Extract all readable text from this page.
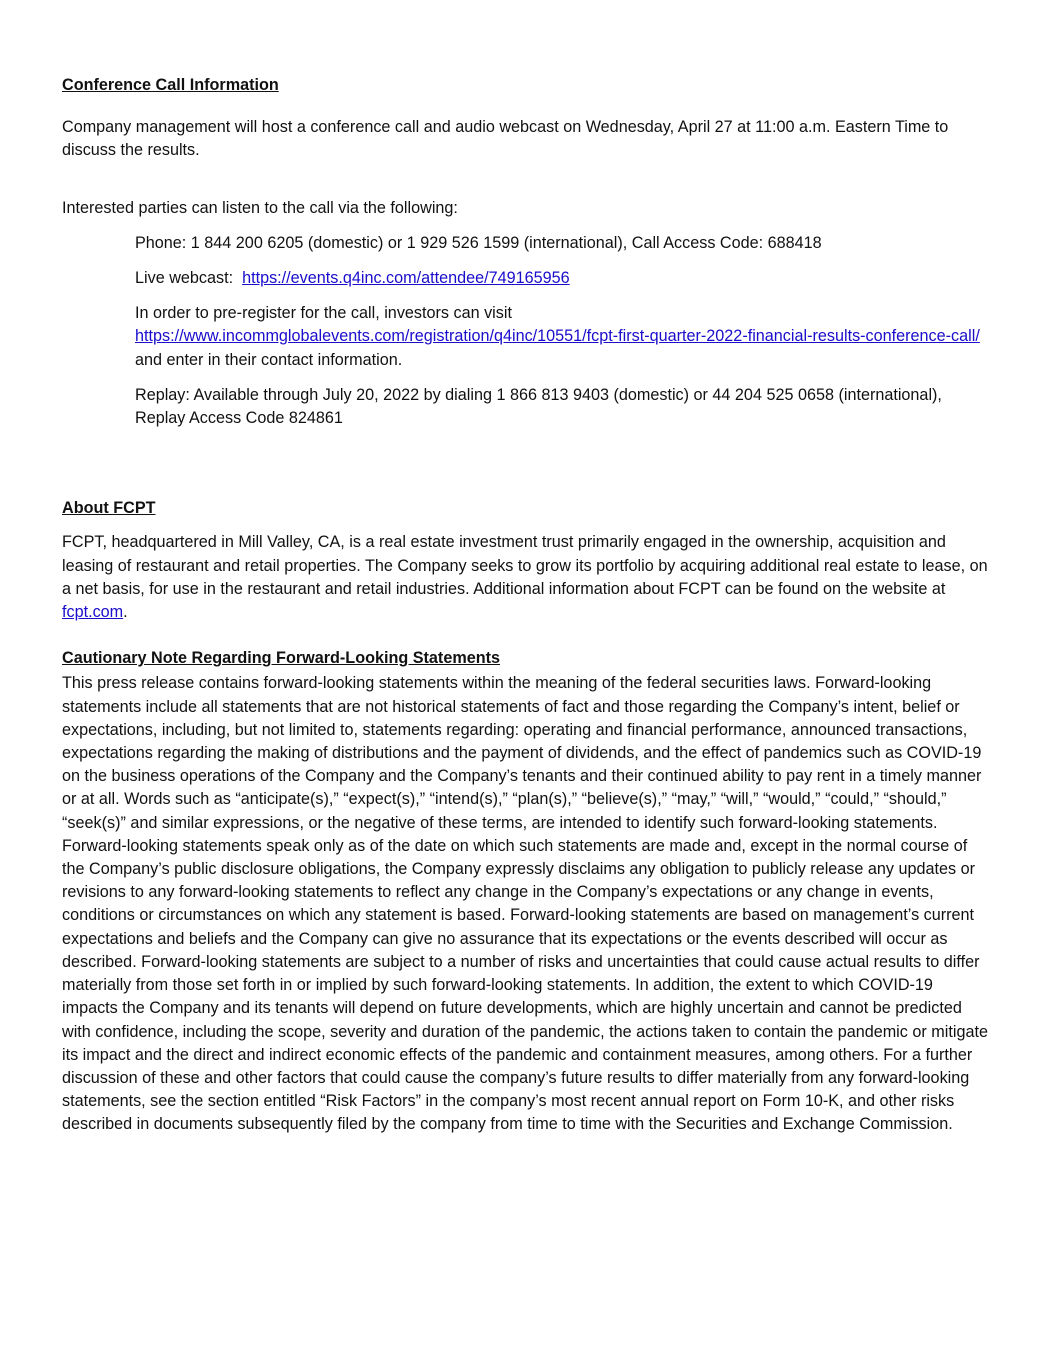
Conference Call Information

Company management will host a conference call and audio webcast on Wednesday, April 27 at 11:00 a.m. Eastern Time to discuss the results.

Interested parties can listen to the call via the following:

Phone: 1 844 200 6205 (domestic) or 1 929 526 1599 (international), Call Access Code: 688418

Live webcast: https://events.q4inc.com/attendee/749165956

In order to pre-register for the call, investors can visit
https://www.incommglobalevents.com/registration/q4inc/10551/fcpt-first-quarter-2022-financial-results-conference-call/ and enter in their contact information.

Replay: Available through July 20, 2022 by dialing 1 866 813 9403 (domestic) or 44 204 525 0658 (international), Replay Access Code 824861

About FCPT

FCPT, headquartered in Mill Valley, CA, is a real estate investment trust primarily engaged in the ownership, acquisition and leasing of restaurant and retail properties. The Company seeks to grow its portfolio by acquiring additional real estate to lease, on a net basis, for use in the restaurant and retail industries. Additional information about FCPT can be found on the website at fcpt.com.

Cautionary Note Regarding Forward-Looking Statements

This press release contains forward-looking statements within the meaning of the federal securities laws. Forward-looking statements include all statements that are not historical statements of fact and those regarding the Company’s intent, belief or expectations, including, but not limited to, statements regarding: operating and financial performance, announced transactions, expectations regarding the making of distributions and the payment of dividends, and the effect of pandemics such as COVID-19 on the business operations of the Company and the Company’s tenants and their continued ability to pay rent in a timely manner or at all. Words such as “anticipate(s),” “expect(s),” “intend(s),” “plan(s),” “believe(s),” “may,” “will,” “would,” “could,” “should,” “seek(s)” and similar expressions, or the negative of these terms, are intended to identify such forward-looking statements. Forward-looking statements speak only as of the date on which such statements are made and, except in the normal course of the Company’s public disclosure obligations, the Company expressly disclaims any obligation to publicly release any updates or revisions to any forward-looking statements to reflect any change in the Company’s expectations or any change in events, conditions or circumstances on which any statement is based. Forward-looking statements are based on management’s current expectations and beliefs and the Company can give no assurance that its expectations or the events described will occur as described. Forward-looking statements are subject to a number of risks and uncertainties that could cause actual results to differ materially from those set forth in or implied by such forward-looking statements. In addition, the extent to which COVID-19 impacts the Company and its tenants will depend on future developments, which are highly uncertain and cannot be predicted with confidence, including the scope, severity and duration of the pandemic, the actions taken to contain the pandemic or mitigate its impact and the direct and indirect economic effects of the pandemic and containment measures, among others. For a further discussion of these and other factors that could cause the company’s future results to differ materially from any forward-looking statements, see the section entitled “Risk Factors” in the company’s most recent annual report on Form 10-K, and other risks described in documents subsequently filed by the company from time to time with the Securities and Exchange Commission.
